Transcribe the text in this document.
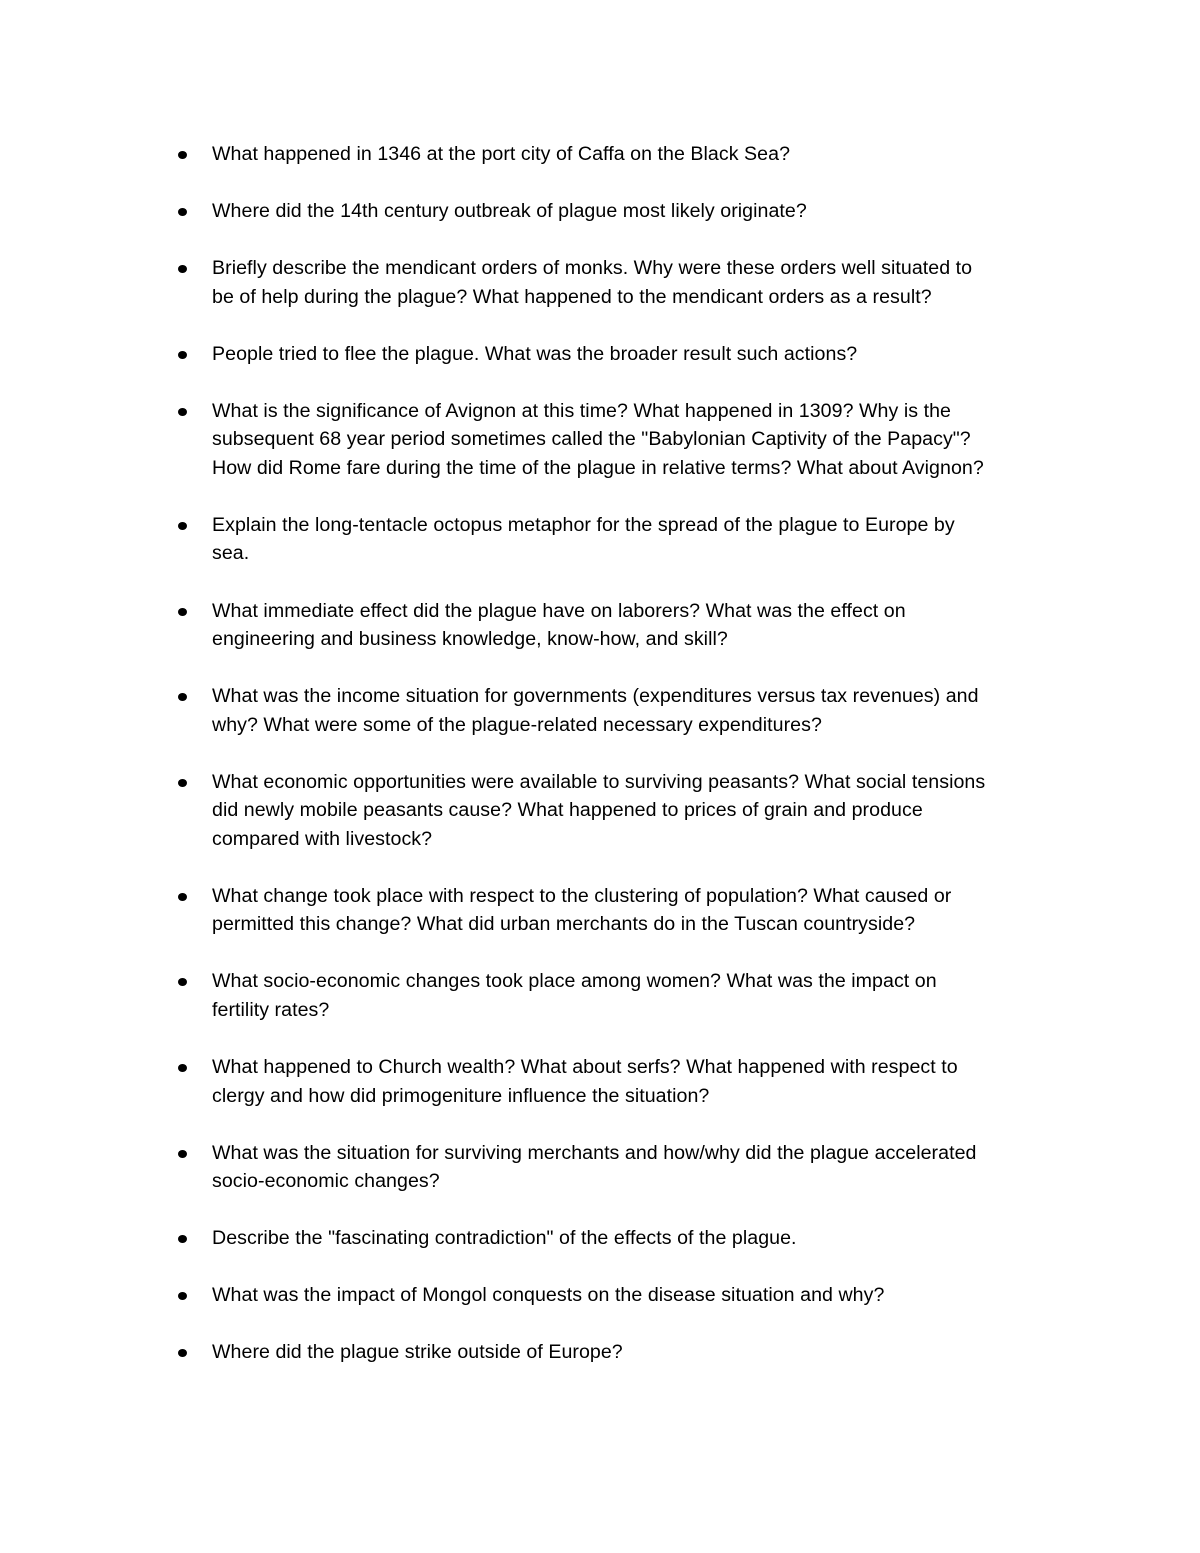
What happened in 1346 at the port city of Caffa on the Black Sea?
Where did the 14th century outbreak of plague most likely originate?
Briefly describe the mendicant orders of monks. Why were these orders well situated to
be of help during the plague? What happened to the mendicant orders as a result?
People tried to flee the plague. What was the broader result such actions?
What is the significance of Avignon at this time? What happened in 1309? Why is the
subsequent 68 year period sometimes called the "Babylonian Captivity of the Papacy"?
How did Rome fare during the time of the plague in relative terms? What about Avignon?
Explain the long-tentacle octopus metaphor for the spread of the plague to Europe by
sea.
What immediate effect did the plague have on laborers? What was the effect on
engineering and business knowledge, know-how, and skill?
What was the income situation for governments (expenditures versus tax revenues) and
why? What were some of the plague-related necessary expenditures?
What economic opportunities were available to surviving peasants? What social tensions
did newly mobile peasants cause? What happened to prices of grain and produce
compared with livestock?
What change took place with respect to the clustering of population? What caused or
permitted this change? What did urban merchants do in the Tuscan countryside?
What socio-economic changes took place among women? What was the impact on
fertility rates?
What happened to Church wealth? What about serfs? What happened with respect to
clergy and how did primogeniture influence the situation?
What was the situation for surviving merchants and how/why did the plague accelerated
socio-economic changes?
Describe the "fascinating contradiction" of the effects of the plague.
What was the impact of Mongol conquests on the disease situation and why?
Where did the plague strike outside of Europe?
